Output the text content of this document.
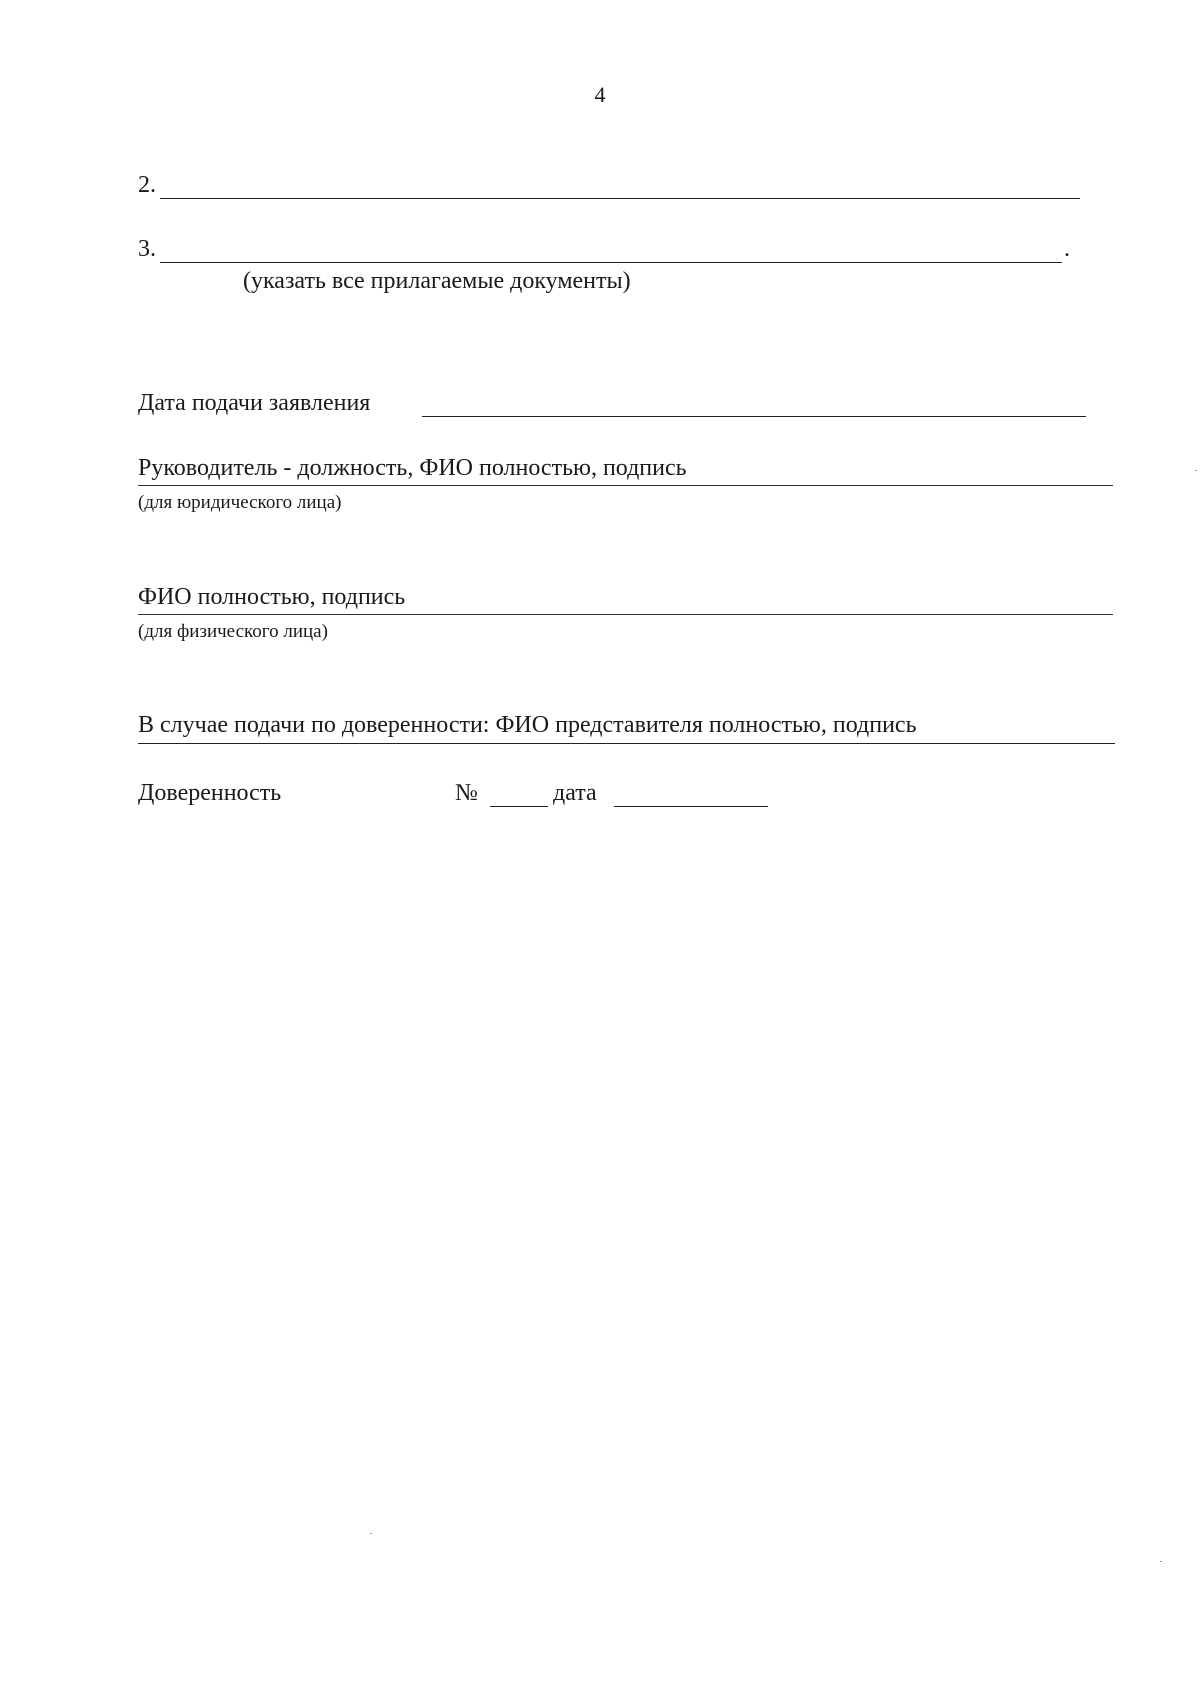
4
2.
3.	.
(указать все прилагаемые документы)
Дата подачи заявления
Руководитель - должность, ФИО полностью, подпись
(для юридического лица)
ФИО полностью, подпись
(для физического лица)
В случае подачи по доверенности: ФИО представителя полностью, подпись
Доверенность	№	дата
